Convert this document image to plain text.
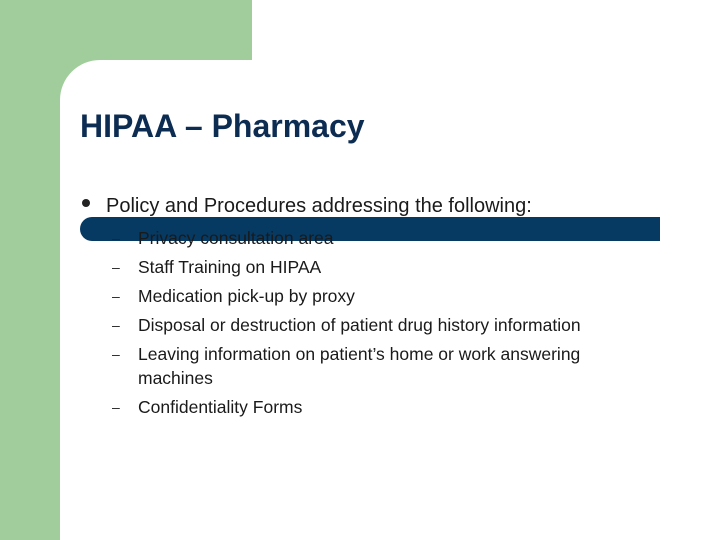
HIPAA – Pharmacy
Policy and Procedures addressing the following:
–	Privacy consultation area
–	Staff Training on HIPAA
–	Medication pick-up by proxy
–	Disposal or destruction of patient drug history information
–	Leaving information on patient’s home or work answering machines
–	Confidentiality Forms
